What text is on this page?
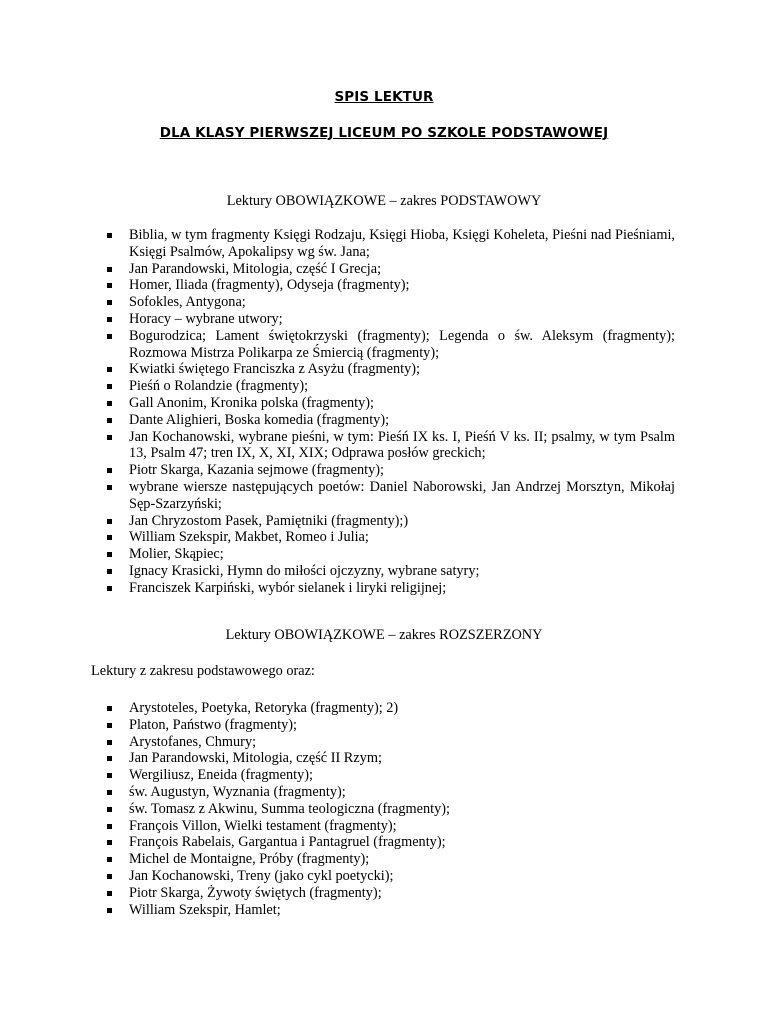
SPIS LEKTUR
DLA KLASY PIERWSZEJ LICEUM PO SZKOLE PODSTAWOWEJ
Lektury OBOWIĄZKOWE – zakres PODSTAWOWY
Biblia, w tym fragmenty Księgi Rodzaju, Księgi Hioba, Księgi Koheleta, Pieśni nad Pieśniami, Księgi Psalmów, Apokalipsy wg św. Jana;
Jan Parandowski, Mitologia, część I Grecja;
Homer, Iliada (fragmenty), Odyseja (fragmenty);
Sofokles, Antygona;
Horacy – wybrane utwory;
Bogurodzica; Lament świętokrzyski (fragmenty); Legenda o św. Aleksym (fragmenty); Rozmowa Mistrza Polikarpa ze Śmiercią (fragmenty);
Kwiatki świętego Franciszka z Asyżu (fragmenty);
Pieśń o Rolandzie (fragmenty);
Gall Anonim, Kronika polska (fragmenty);
Dante Alighieri, Boska komedia (fragmenty);
Jan Kochanowski, wybrane pieśni, w tym: Pieśń IX ks. I, Pieśń V ks. II; psalmy, w tym Psalm 13, Psalm 47; tren IX, X, XI, XIX; Odprawa posłów greckich;
Piotr Skarga, Kazania sejmowe (fragmenty);
wybrane wiersze następujących poetów: Daniel Naborowski, Jan Andrzej Morsztyn, Mikołaj Sęp-Szarzyński;
Jan Chryzostom Pasek, Pamiętniki (fragmenty);)
William Szekspir, Makbet, Romeo i Julia;
Molier, Skąpiec;
Ignacy Krasicki, Hymn do miłości ojczyzny, wybrane satyry;
Franciszek Karpiński, wybór sielanek i liryki religijnej;
Lektury OBOWIĄZKOWE – zakres ROZSZERZONY
Lektury z zakresu podstawowego oraz:
Arystoteles, Poetyka, Retoryka (fragmenty); 2)
Platon, Państwo (fragmenty);
Arystofanes, Chmury;
Jan Parandowski, Mitologia, część II Rzym;
Wergiliusz, Eneida (fragmenty);
św. Augustyn, Wyznania (fragmenty);
św. Tomasz z Akwinu, Summa teologiczna (fragmenty);
François Villon, Wielki testament (fragmenty);
François Rabelais, Gargantua i Pantagruel (fragmenty);
Michel de Montaigne, Próby (fragmenty);
Jan Kochanowski, Treny (jako cykl poetycki);
Piotr Skarga, Żywoty świętych (fragmenty);
William Szekspir, Hamlet;
